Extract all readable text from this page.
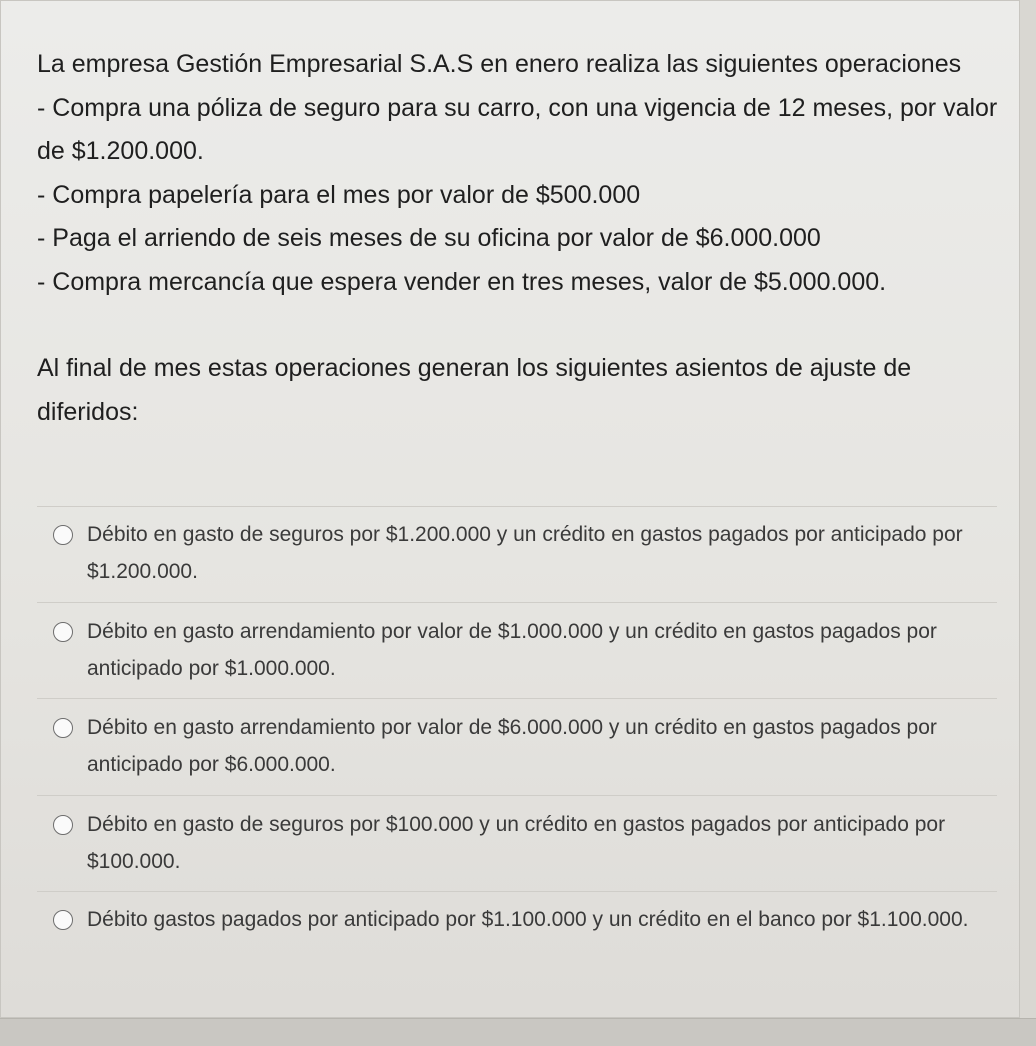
La empresa Gestión Empresarial S.A.S en enero realiza las siguientes operaciones

- Compra una póliza de seguro para su carro, con una vigencia de 12 meses, por valor de $1.200.000.

- Compra papelería para el mes por valor de $500.000

- Paga el arriendo de seis meses de su oficina por valor de $6.000.000

- Compra mercancía que espera vender en tres meses, valor de $5.000.000.

Al final de mes estas operaciones generan los siguientes asientos de ajuste de diferidos:

Débito en gasto de seguros por $1.200.000 y un crédito en gastos pagados por anticipado por $1.200.000.
Débito en gasto arrendamiento por valor de $1.000.000 y un crédito en gastos pagados por anticipado por $1.000.000.
Débito en gasto arrendamiento por valor de $6.000.000 y un crédito en gastos pagados por anticipado por $6.000.000.
Débito en gasto de seguros por $100.000 y un crédito en gastos pagados por anticipado por $100.000.
Débito gastos pagados por anticipado por $1.100.000 y un crédito en el banco por $1.100.000.
